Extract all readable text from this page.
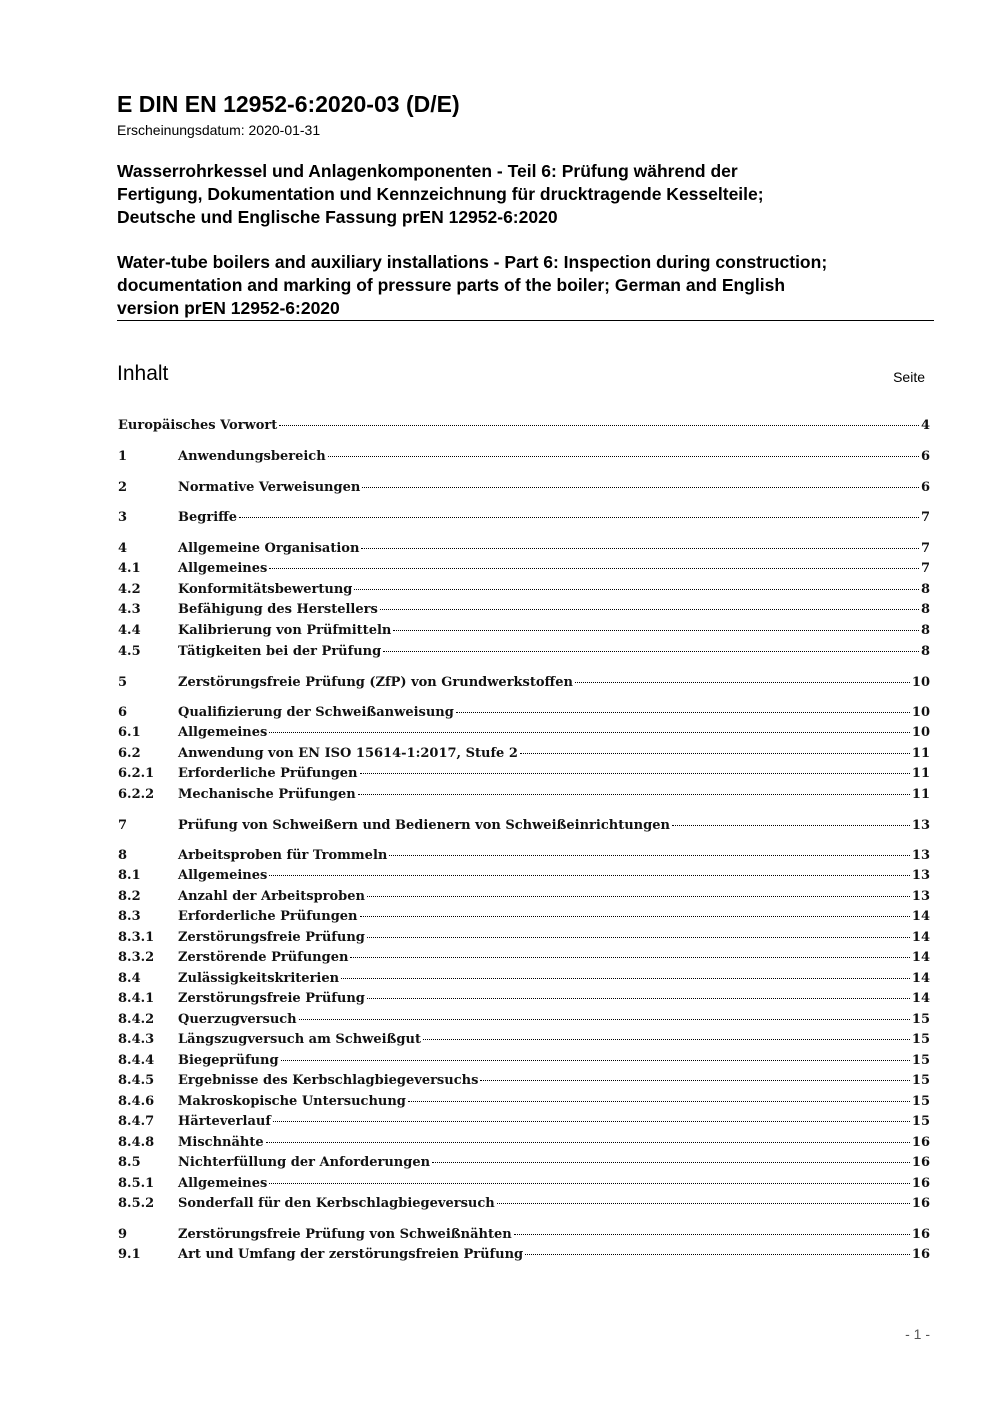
E DIN EN 12952-6:2020-03 (D/E)
Erscheinungsdatum: 2020-01-31
Wasserrohrkessel und Anlagenkomponenten - Teil 6: Prüfung während der
Fertigung, Dokumentation und Kennzeichnung für drucktragende Kesselteile;
Deutsche und Englische Fassung prEN 12952-6:2020
Water-tube boilers and auxiliary installations - Part 6: Inspection during construction;
documentation and marking of pressure parts of the boiler; German and English
version prEN 12952-6:2020
Inhalt	Seite
Europäisches Vorwort	4
1	Anwendungsbereich	6
2	Normative Verweisungen	6
3	Begriffe	7
4	Allgemeine Organisation	7
4.1	Allgemeines	7
4.2	Konformitätsbewertung	8
4.3	Befähigung des Herstellers	8
4.4	Kalibrierung von Prüfmitteln	8
4.5	Tätigkeiten bei der Prüfung	8
5	Zerstörungsfreie Prüfung (ZfP) von Grundwerkstoffen	10
6	Qualifizierung der Schweißanweisung	10
6.1	Allgemeines	10
6.2	Anwendung von EN ISO 15614-1:2017, Stufe 2	11
6.2.1	Erforderliche Prüfungen	11
6.2.2	Mechanische Prüfungen	11
7	Prüfung von Schweißern und Bedienern von Schweißeinrichtungen	13
8	Arbeitsproben für Trommeln	13
8.1	Allgemeines	13
8.2	Anzahl der Arbeitsproben	13
8.3	Erforderliche Prüfungen	14
8.3.1	Zerstörungsfreie Prüfung	14
8.3.2	Zerstörende Prüfungen	14
8.4	Zulässigkeitskriterien	14
8.4.1	Zerstörungsfreie Prüfung	14
8.4.2	Querzugversuch	15
8.4.3	Längszugversuch am Schweißgut	15
8.4.4	Biegeprüfung	15
8.4.5	Ergebnisse des Kerbschlagbiegeversuchs	15
8.4.6	Makroskopische Untersuchung	15
8.4.7	Härteverlauf	15
8.4.8	Mischnähte	16
8.5	Nichterfüllung der Anforderungen	16
8.5.1	Allgemeines	16
8.5.2	Sonderfall für den Kerbschlagbiegeversuch	16
9	Zerstörungsfreie Prüfung von Schweißnähten	16
9.1	Art und Umfang der zerstörungsfreien Prüfung	16
- 1 -
